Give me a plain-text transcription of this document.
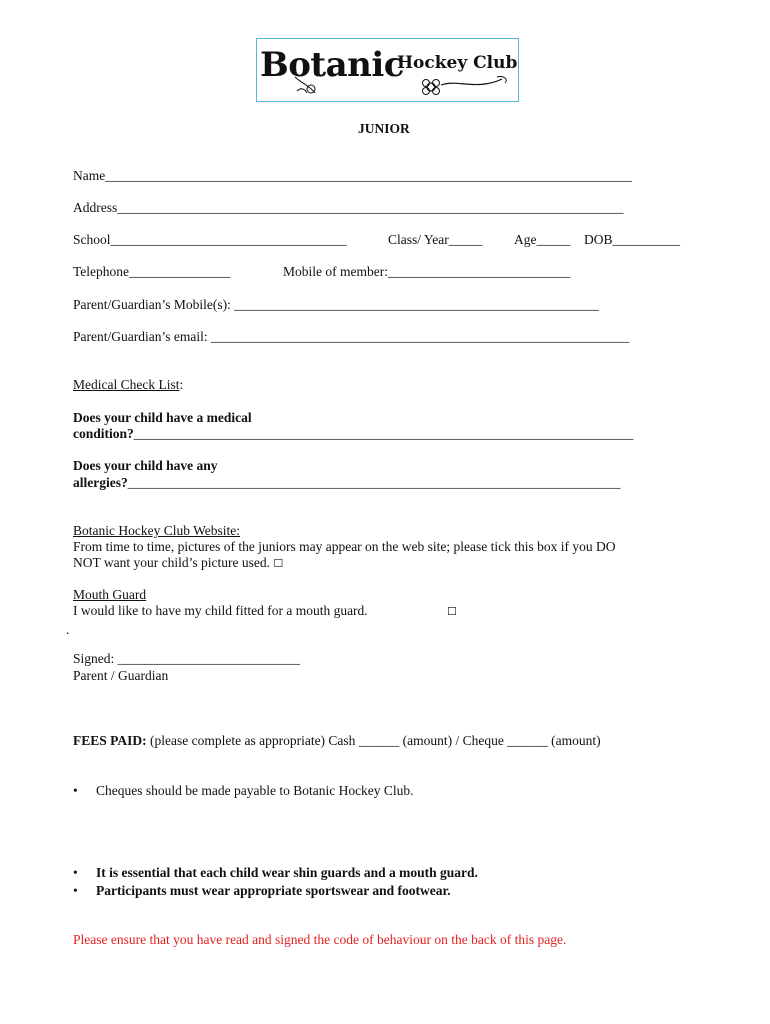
Botanic
Hockey Club
JUNIOR
Name______________________________________________________________________________
Address___________________________________________________________________________
School___________________________________	Class/ Year_____ Age_____ DOB__________
Telephone_______________	Mobile of member:___________________________
Parent/Guardian’s Mobile(s): ______________________________________________________
Parent/Guardian’s email: ______________________________________________________________
Medical Check List:
Does your child have a medical
condition?__________________________________________________________________________
Does your child have any
allergies?_________________________________________________________________________
Botanic Hockey Club Website:
From time to time, pictures of the juniors may appear on the web site; please tick this box if you DO
NOT want your child’s picture used. ☐
Mouth Guard
I would like to have my child fitted for a mouth guard.	☐
.
Signed: ___________________________
Parent / Guardian
FEES PAID: (please complete as appropriate) Cash ______ (amount) / Cheque ______ (amount)
• Cheques should be made payable to Botanic Hockey Club.
• It is essential that each child wear shin guards and a mouth guard.
• Participants must wear appropriate sportswear and footwear.
Please ensure that you have read and signed the code of behaviour on the back of this page.
